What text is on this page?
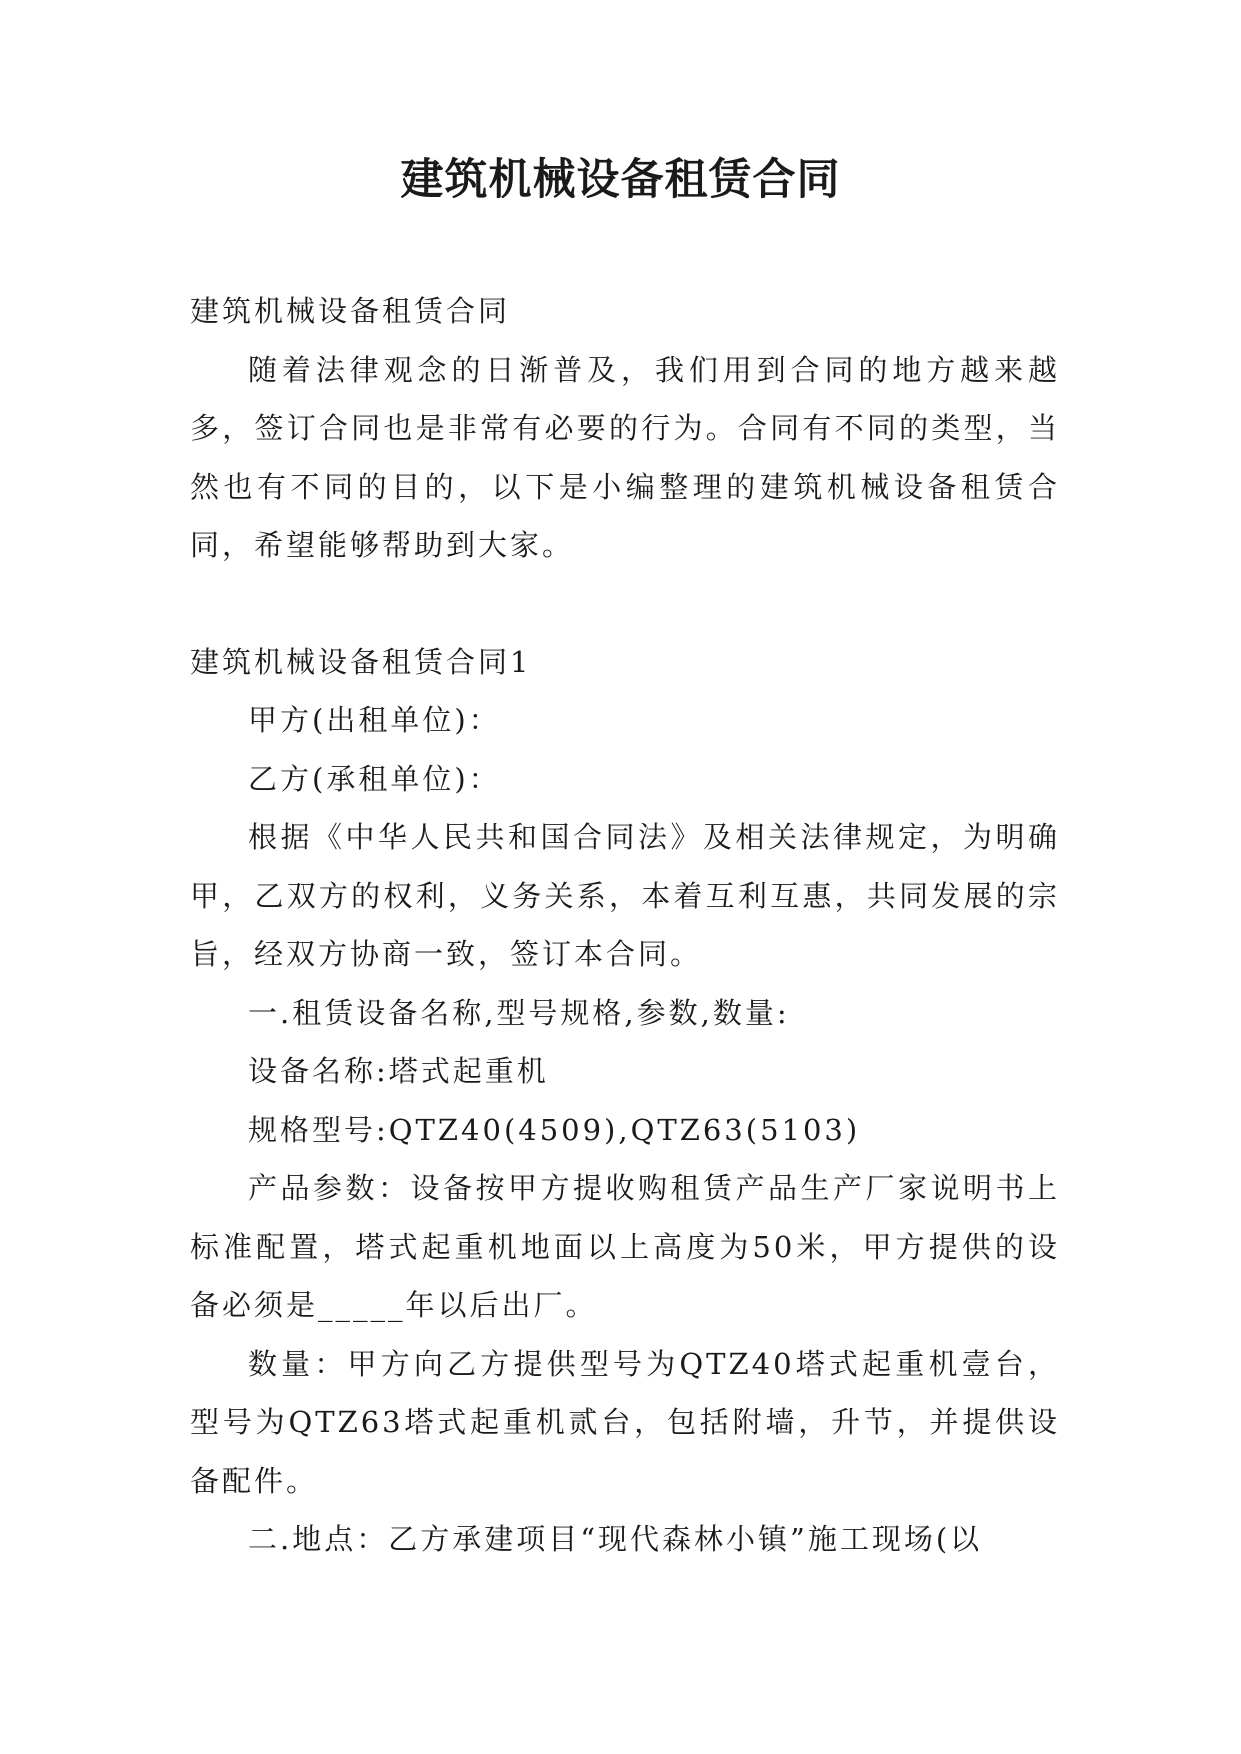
建筑机械设备租赁合同

建筑机械设备租赁合同

随着法律观念的日渐普及，我们用到合同的地方越来越多，签订合同也是非常有必要的行为。合同有不同的类型，当然也有不同的目的，以下是小编整理的建筑机械设备租赁合同，希望能够帮助到大家。

建筑机械设备租赁合同1

甲方(出租单位)：

乙方(承租单位)：

根据《中华人民共和国合同法》及相关法律规定，为明确甲，乙双方的权利，义务关系，本着互利互惠，共同发展的宗旨，经双方协商一致，签订本合同。

一.租赁设备名称,型号规格,参数,数量:

设备名称:塔式起重机

规格型号:QTZ40(4509),QTZ63(5103)

产品参数：设备按甲方提收购租赁产品生产厂家说明书上标准配置，塔式起重机地面以上高度为50米，甲方提供的设备必须是_____年以后出厂。

数量：甲方向乙方提供型号为QTZ40塔式起重机壹台，型号为QTZ63塔式起重机贰台，包括附墙，升节，并提供设备配件。

二.地点：乙方承建项目“现代森林小镇”施工现场(以
